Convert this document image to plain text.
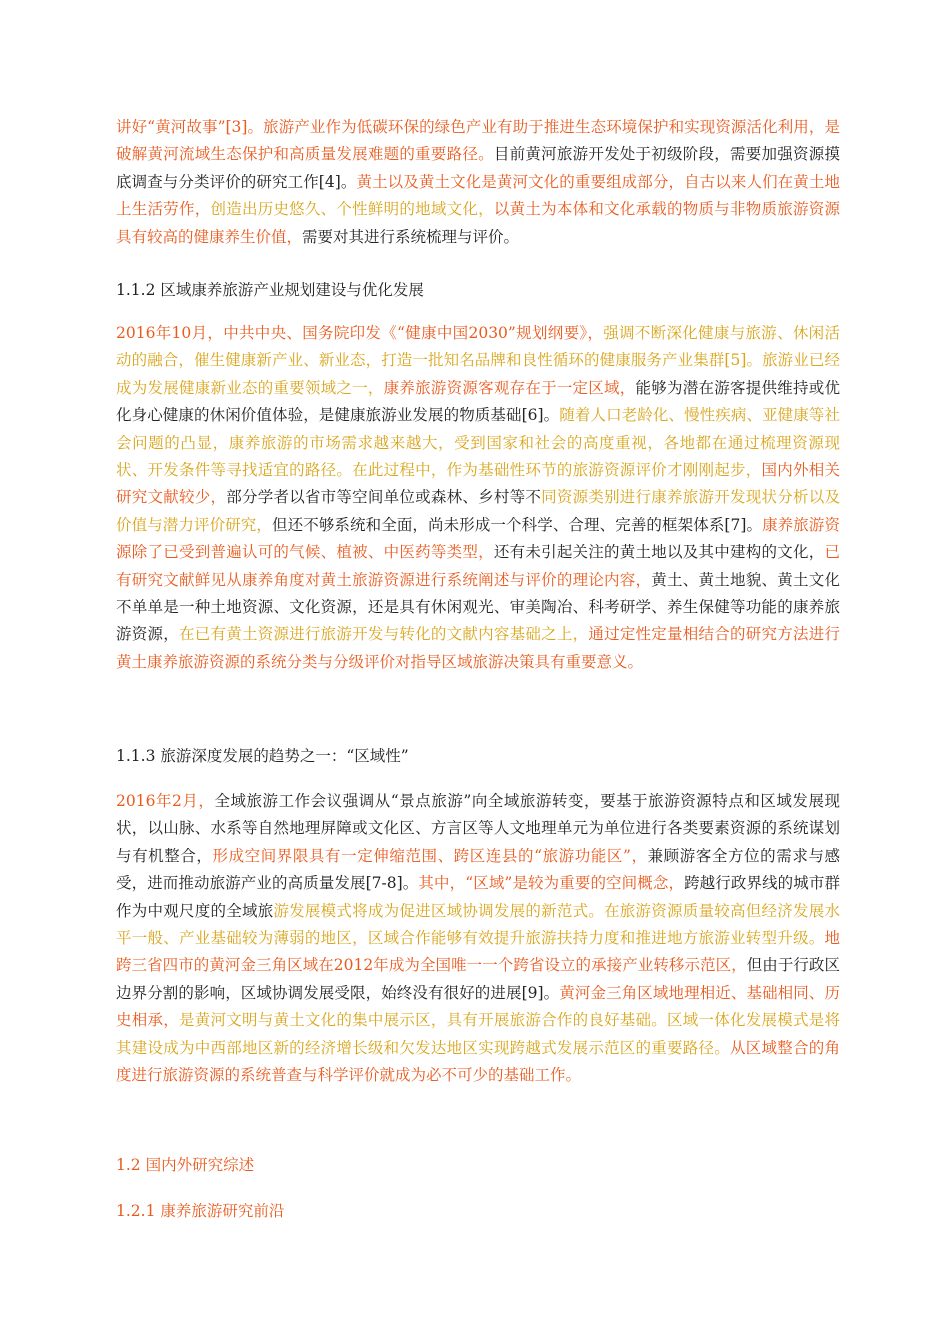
讲好“黄河故事”[3]。旅游产业作为低碳环保的绿色产业有助于推进生态环境保护和实现资源活化利用，是破解黄河流域生态保护和高质量发展难题的重要路径。目前黄河旅游开发处于初级阶段，需要加强资源摸底调查与分类评价的研究工作[4]。黄土以及黄土文化是黄河文化的重要组成部分，自古以来人们在黄土地上生活劳作，创造出历史悠久、个性鲜明的地域文化，以黄土为本体和文化承载的物质与非物质旅游资源具有较高的健康养生价值，需要对其进行系统梳理与评价。

1.1.2 区域康养旅游产业规划建设与优化发展

2016年10月，中共中央、国务院印发《“健康中国2030”规划纲要》，强调不断深化健康与旅游、休闲活动的融合，催生健康新产业、新业态，打造一批知名品牌和良性循环的健康服务产业集群[5]。旅游业已经成为发展健康新业态的重要领域之一，康养旅游资源客观存在于一定区域，能够为潜在游客提供维持或优化身心健康的休闲价值体验，是健康旅游业发展的物质基础[6]。随着人口老龄化、慢性疾病、亚健康等社会问题的凸显，康养旅游的市场需求越来越大，受到国家和社会的高度重视，各地都在通过梳理资源现状、开发条件等寻找适宜的路径。在此过程中，作为基础性环节的旅游资源评价才刚刚起步，国内外相关研究文献较少，部分学者以省市等空间单位或森林、乡村等不同资源类别进行康养旅游开发现状分析以及价值与潜力评价研究，但还不够系统和全面，尚未形成一个科学、合理、完善的框架体系[7]。康养旅游资源除了已受到普遍认可的气候、植被、中医药等类型，还有未引起关注的黄土地以及其中建构的文化，已有研究文献鲜见从康养角度对黄土旅游资源进行系统阐述与评价的理论内容，黄土、黄土地貌、黄土文化不单单是一种土地资源、文化资源，还是具有休闲观光、审美陶冶、科考研学、养生保健等功能的康养旅游资源，在已有黄土资源进行旅游开发与转化的文献内容基础之上，通过定性定量相结合的研究方法进行黄土康养旅游资源的系统分类与分级评价对指导区域旅游决策具有重要意义。

1.1.3 旅游深度发展的趋势之一：“区域性”

2016年2月，全域旅游工作会议强调从“景点旅游”向全域旅游转变，要基于旅游资源特点和区域发展现状，以山脉、水系等自然地理屏障或文化区、方言区等人文地理单元为单位进行各类要素资源的系统谋划与有机整合，形成空间界限具有一定伸缩范围、跨区连县的“旅游功能区”，兼顾游客全方位的需求与感受，进而推动旅游产业的高质量发展[7-8]。其中，“区域”是较为重要的空间概念，跨越行政界线的城市群作为中观尺度的全域旅游发展模式将成为促进区域协调发展的新范式。在旅游资源质量较高但经济发展水平一般、产业基础较为薄弱的地区，区域合作能够有效提升旅游扶持力度和推进地方旅游业转型升级。地跨三省四市的黄河金三角区域在2012年成为全国唯一一个跨省设立的承接产业转移示范区，但由于行政区边界分割的影响，区域协调发展受限，始终没有很好的进展[9]。黄河金三角区域地理相近、基础相同、历史相承，是黄河文明与黄土文化的集中展示区，具有开展旅游合作的良好基础。区域一体化发展模式是将其建设成为中西部地区新的经济增长级和欠发达地区实现跨越式发展示范区的重要路径。从区域整合的角度进行旅游资源的系统普查与科学评价就成为必不可少的基础工作。

1.2 国内外研究综述
1.2.1 康养旅游研究前沿
